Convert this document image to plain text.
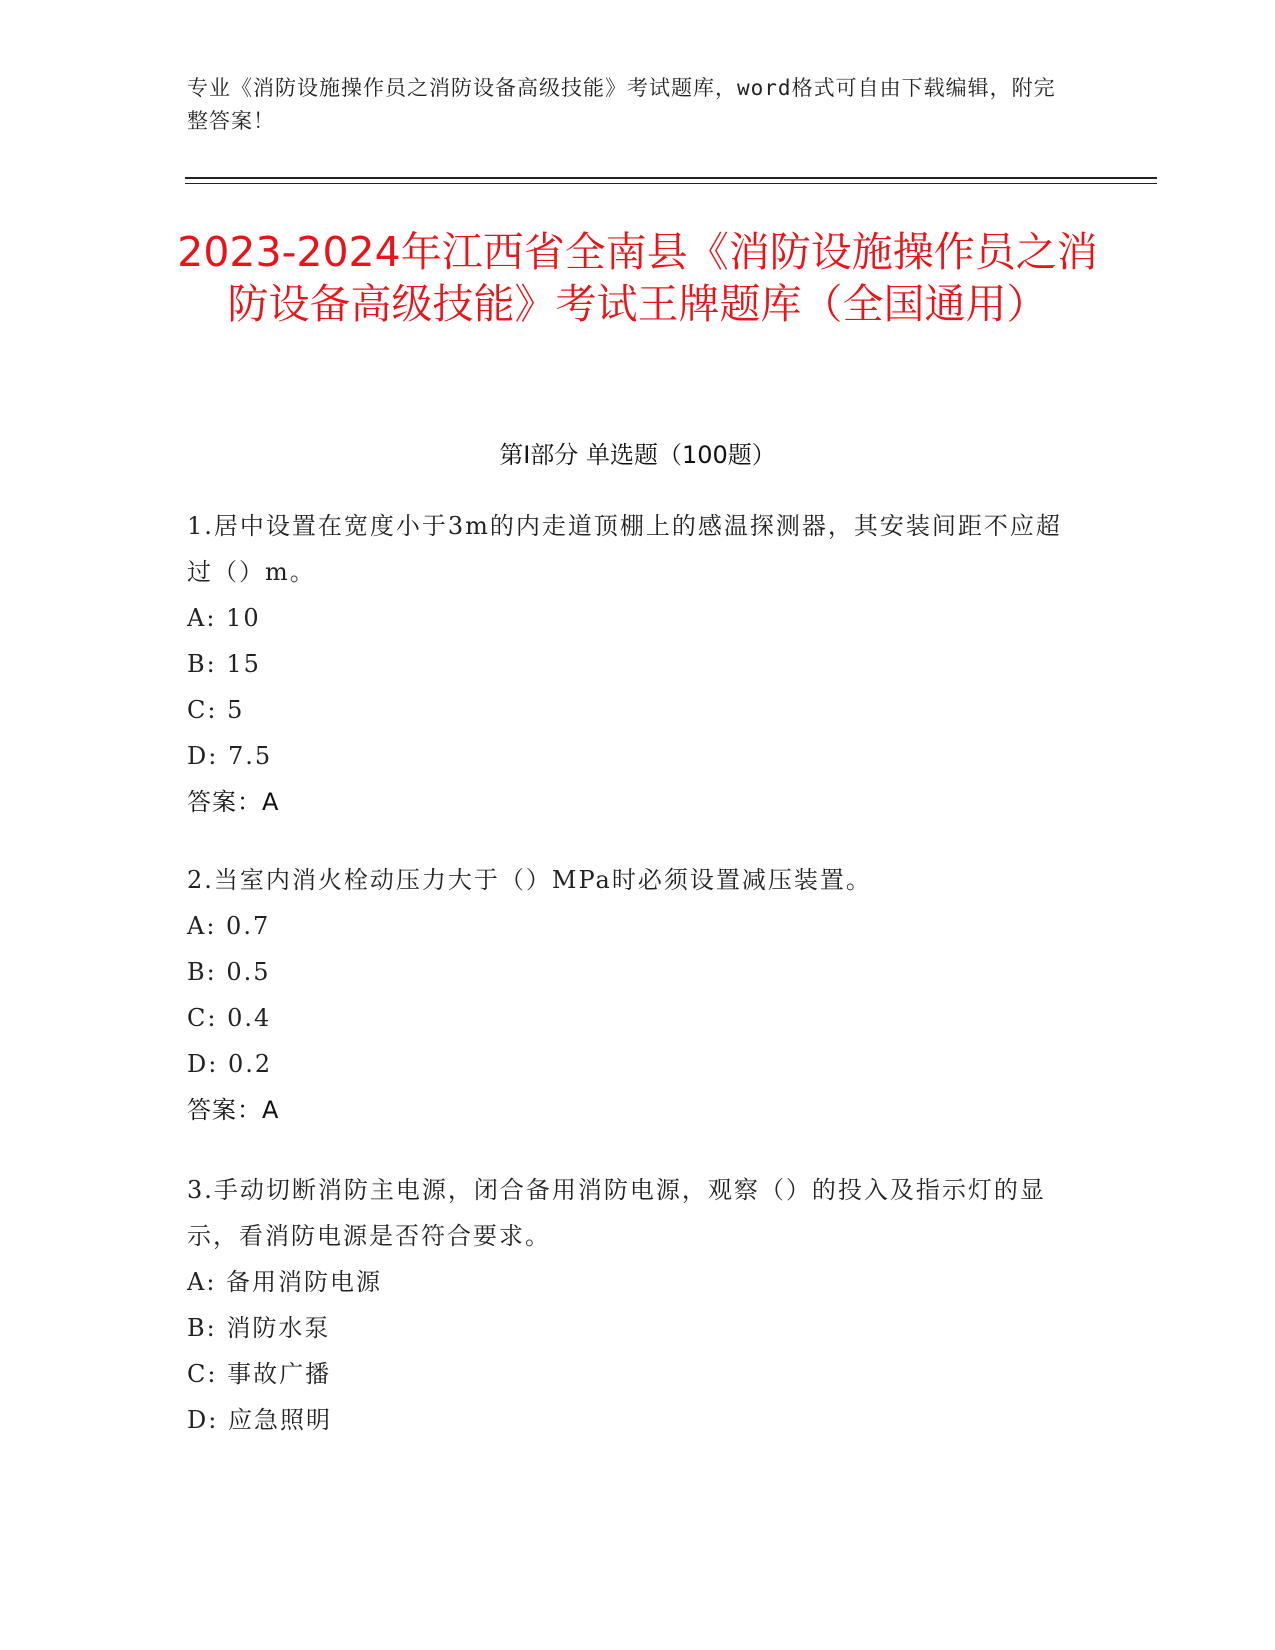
专业《消防设施操作员之消防设备高级技能》考试题库，word格式可自由下载编辑，附完整答案！
2023-2024年江西省全南县《消防设施操作员之消防设备高级技能》考试王牌题库（全国通用）
第I部分 单选题（100题）

1.居中设置在宽度小于3m的内走道顶棚上的感温探测器，其安装间距不应超过（）m。

A: 10

B: 15

C: 5

D: 7.5

答案：A

2.当室内消火栓动压力大于（）MPa时必须设置减压装置。

A: 0.7

B: 0.5

C: 0.4

D: 0.2

答案：A

3.手动切断消防主电源，闭合备用消防电源，观察（）的投入及指示灯的显示，看消防电源是否符合要求。

A: 备用消防电源

B: 消防水泵

C: 事故广播

D: 应急照明
